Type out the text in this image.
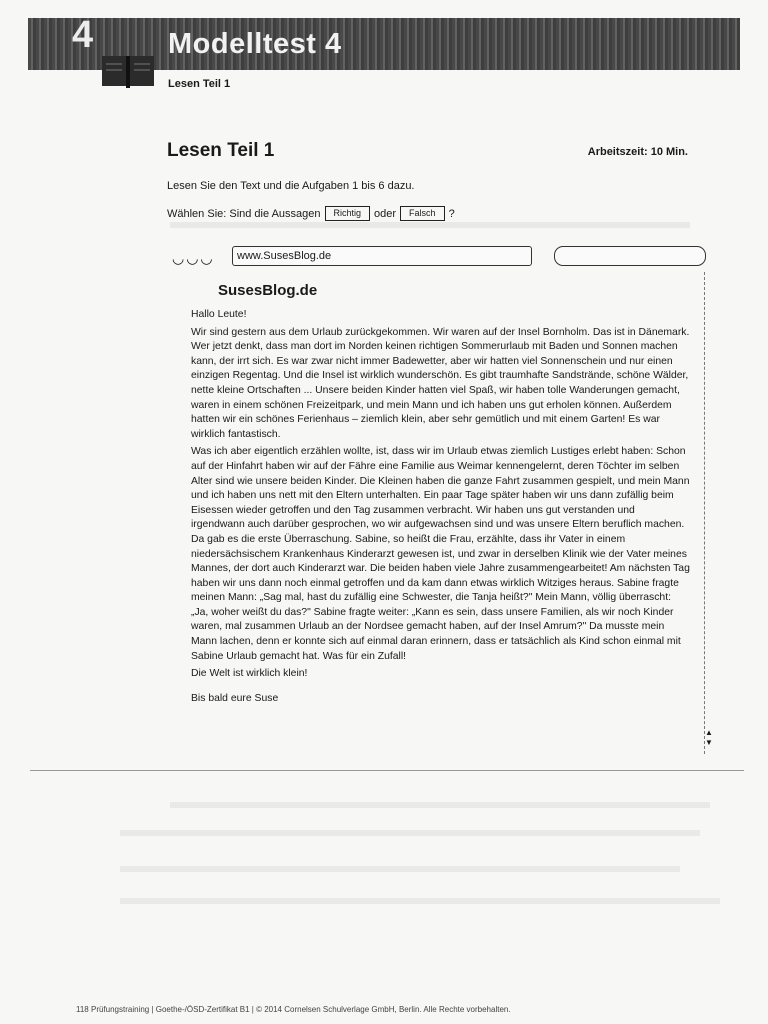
4	Modelltest 4
Lesen Teil 1
Lesen Teil 1	Arbeitszeit: 10 Min.
Lesen Sie den Text und die Aufgaben 1 bis 6 dazu.
Wählen Sie: Sind die Aussagen	Richtig	oder	Falsch	?
◡◡◡	www.SusesBlog.de
▲
▼
SusesBlog.de

Hallo Leute!

Wir sind gestern aus dem Urlaub zurückgekommen. Wir waren auf der Insel Bornholm. Das ist in Dänemark. Wer jetzt denkt, dass man dort im Norden keinen richtigen Sommerurlaub mit Baden und Sonnen machen kann, der irrt sich. Es war zwar nicht immer Badewetter, aber wir hatten viel Sonnenschein und nur einen einzigen Regentag. Und die Insel ist wirklich wunderschön. Es gibt traumhafte Sandstrände, schöne Wälder, nette kleine Ortschaften ... Unsere beiden Kinder hatten viel Spaß, wir haben tolle Wanderungen gemacht, waren in einem schönen Freizeitpark, und mein Mann und ich haben uns gut erholen können. Außerdem hatten wir ein schönes Ferienhaus – ziemlich klein, aber sehr gemütlich und mit einem Garten! Es war wirklich fantastisch.

Was ich aber eigentlich erzählen wollte, ist, dass wir im Urlaub etwas ziemlich Lustiges erlebt haben: Schon auf der Hinfahrt haben wir auf der Fähre eine Familie aus Weimar kennengelernt, deren Töchter im selben Alter sind wie unsere beiden Kinder. Die Kleinen haben die ganze Fahrt zusammen gespielt, und mein Mann und ich haben uns nett mit den Eltern unterhalten. Ein paar Tage später haben wir uns dann zufällig beim Eisessen wieder getroffen und den Tag zusammen verbracht. Wir haben uns gut verstanden und irgendwann auch darüber gesprochen, wo wir aufgewachsen sind und was unsere Eltern beruflich machen. Da gab es die erste Überraschung. Sabine, so heißt die Frau, erzählte, dass ihr Vater in einem niedersächsischem Krankenhaus Kinderarzt gewesen ist, und zwar in derselben Klinik wie der Vater meines Mannes, der dort auch Kinderarzt war. Die beiden haben viele Jahre zusammengearbeitet! Am nächsten Tag haben wir uns dann noch einmal getroffen und da kam dann etwas wirklich Witziges heraus. Sabine fragte meinen Mann: „Sag mal, hast du zufällig eine Schwester, die Tanja heißt?" Mein Mann, völlig überrascht: „Ja, woher weißt du das?" Sabine fragte weiter: „Kann es sein, dass unsere Familien, als wir noch Kinder waren, mal zusammen Urlaub an der Nordsee gemacht haben, auf der Insel Amrum?" Da musste mein Mann lachen, denn er konnte sich auf einmal daran erinnern, dass er tatsächlich als Kind schon einmal mit Sabine Urlaub gemacht hat. Was für ein Zufall!

Die Welt ist wirklich klein!

Bis bald eure Suse

118 Prüfungstraining | Goethe-/ÖSD-Zertifikat B1 | © 2014 Cornelsen Schulverlage GmbH, Berlin. Alle Rechte vorbehalten.
